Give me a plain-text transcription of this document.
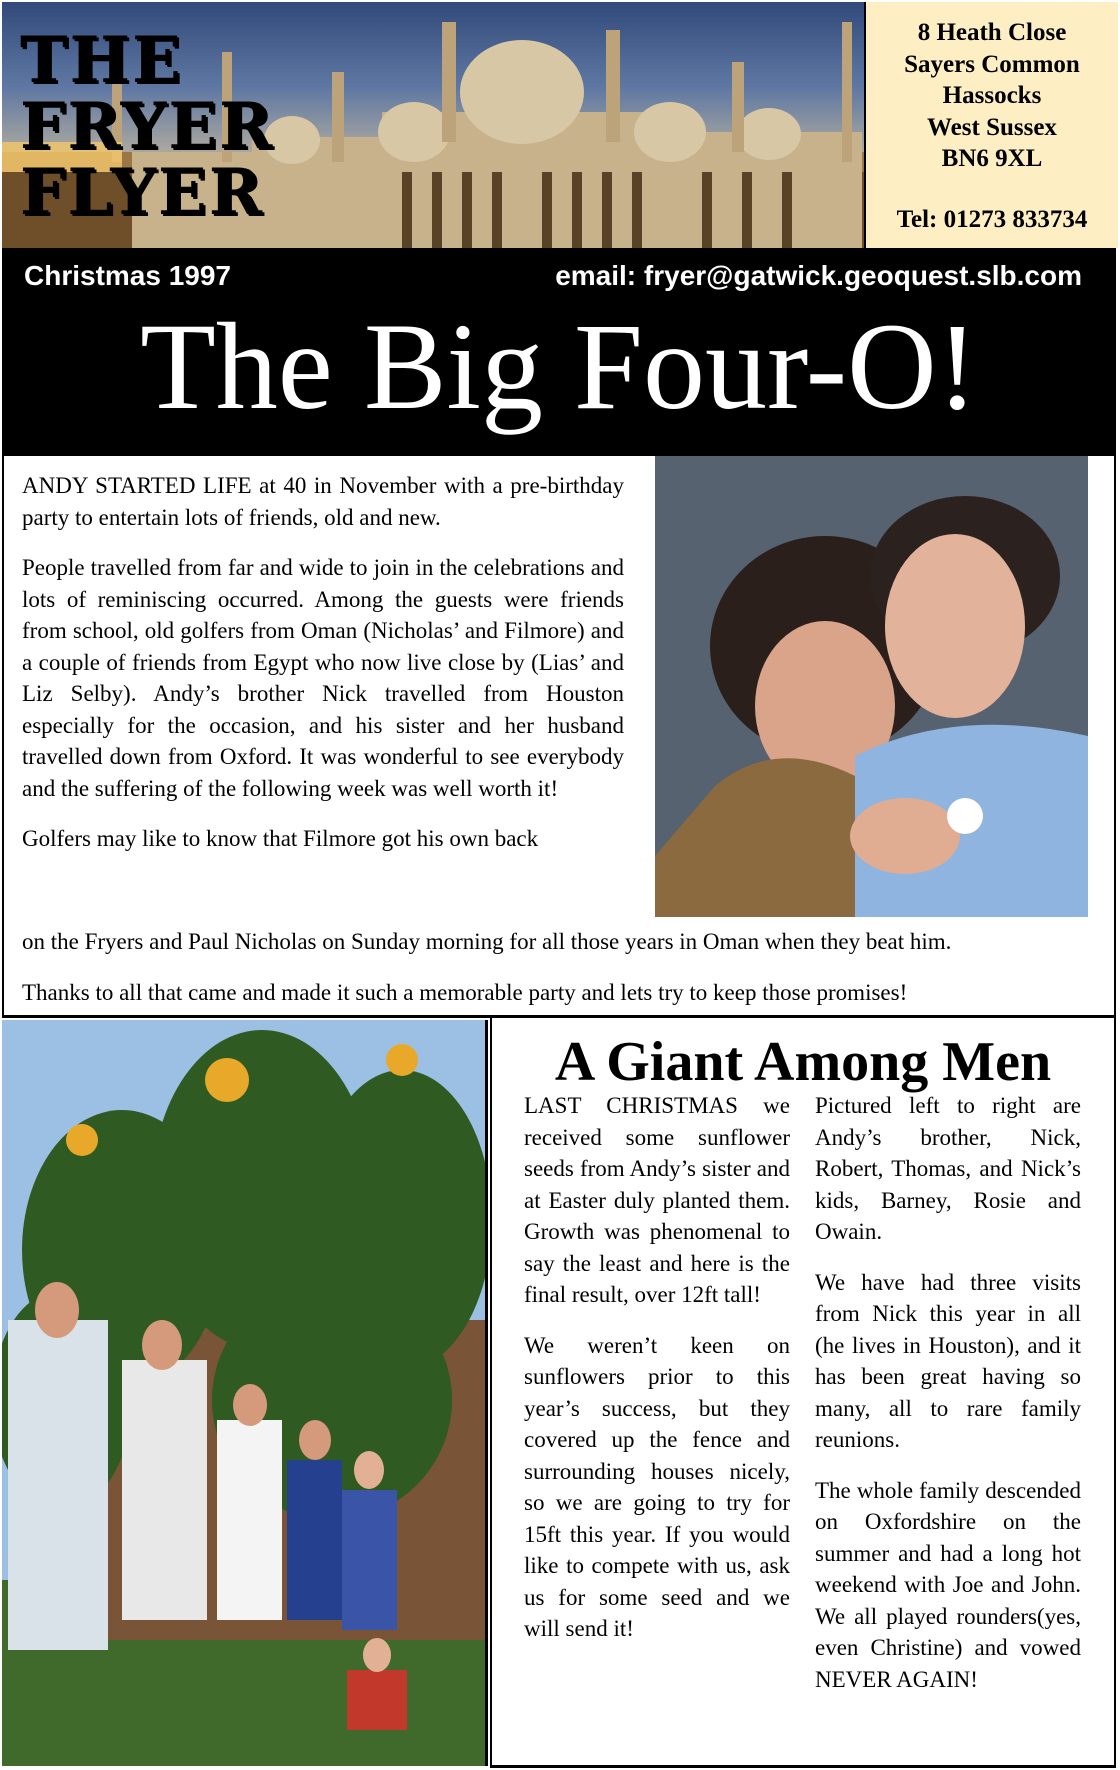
THE
FRYER
FLYER
8 Heath Close
Sayers Common
Hassocks
West Sussex
BN6 9XL
Tel: 01273 833734
Christmas 1997	email: fryer@gatwick.geoquest.slb.com
The Big Four-O!

ANDY STARTED LIFE at 40 in November with a pre-birthday party to entertain lots of friends, old and new.

People travelled from far and wide to join in the celebrations and lots of reminiscing occurred. Among the guests were friends from school, old golfers from Oman (Nicholas’ and Filmore) and a couple of friends from Egypt who now live close by (Lias’ and Liz Selby). Andy’s brother Nick travelled from Houston especially for the occasion, and his sister and her husband travelled down from Oxford. It was wonderful to see everybody and the suffering of the following week was well worth it!

Golfers may like to know that Filmore got his own back

on the Fryers and Paul Nicholas on Sunday morning for all those years in Oman when they beat him.

Thanks to all that came and made it such a memorable party and lets try to keep those promises!

A Giant Among Men

LAST CHRISTMAS we received some sunflower seeds from Andy’s sister and at Easter duly planted them. Growth was phenomenal to say the least and here is the final result, over 12ft tall!

We weren’t keen on sunflowers prior to this year’s success, but they covered up the fence and surrounding houses nicely, so we are going to try for 15ft this year. If you would like to compete with us, ask us for some seed and we will send it!

Pictured left to right are Andy’s brother, Nick, Robert, Thomas, and Nick’s kids, Barney, Rosie and Owain.

We have had three visits from Nick this year in all (he lives in Houston), and it has been great having so many, all to rare family reunions.

The whole family descended on Oxfordshire on the summer and had a long hot weekend with Joe and John. We all played rounders(yes, even Christine) and vowed NEVER AGAIN!
